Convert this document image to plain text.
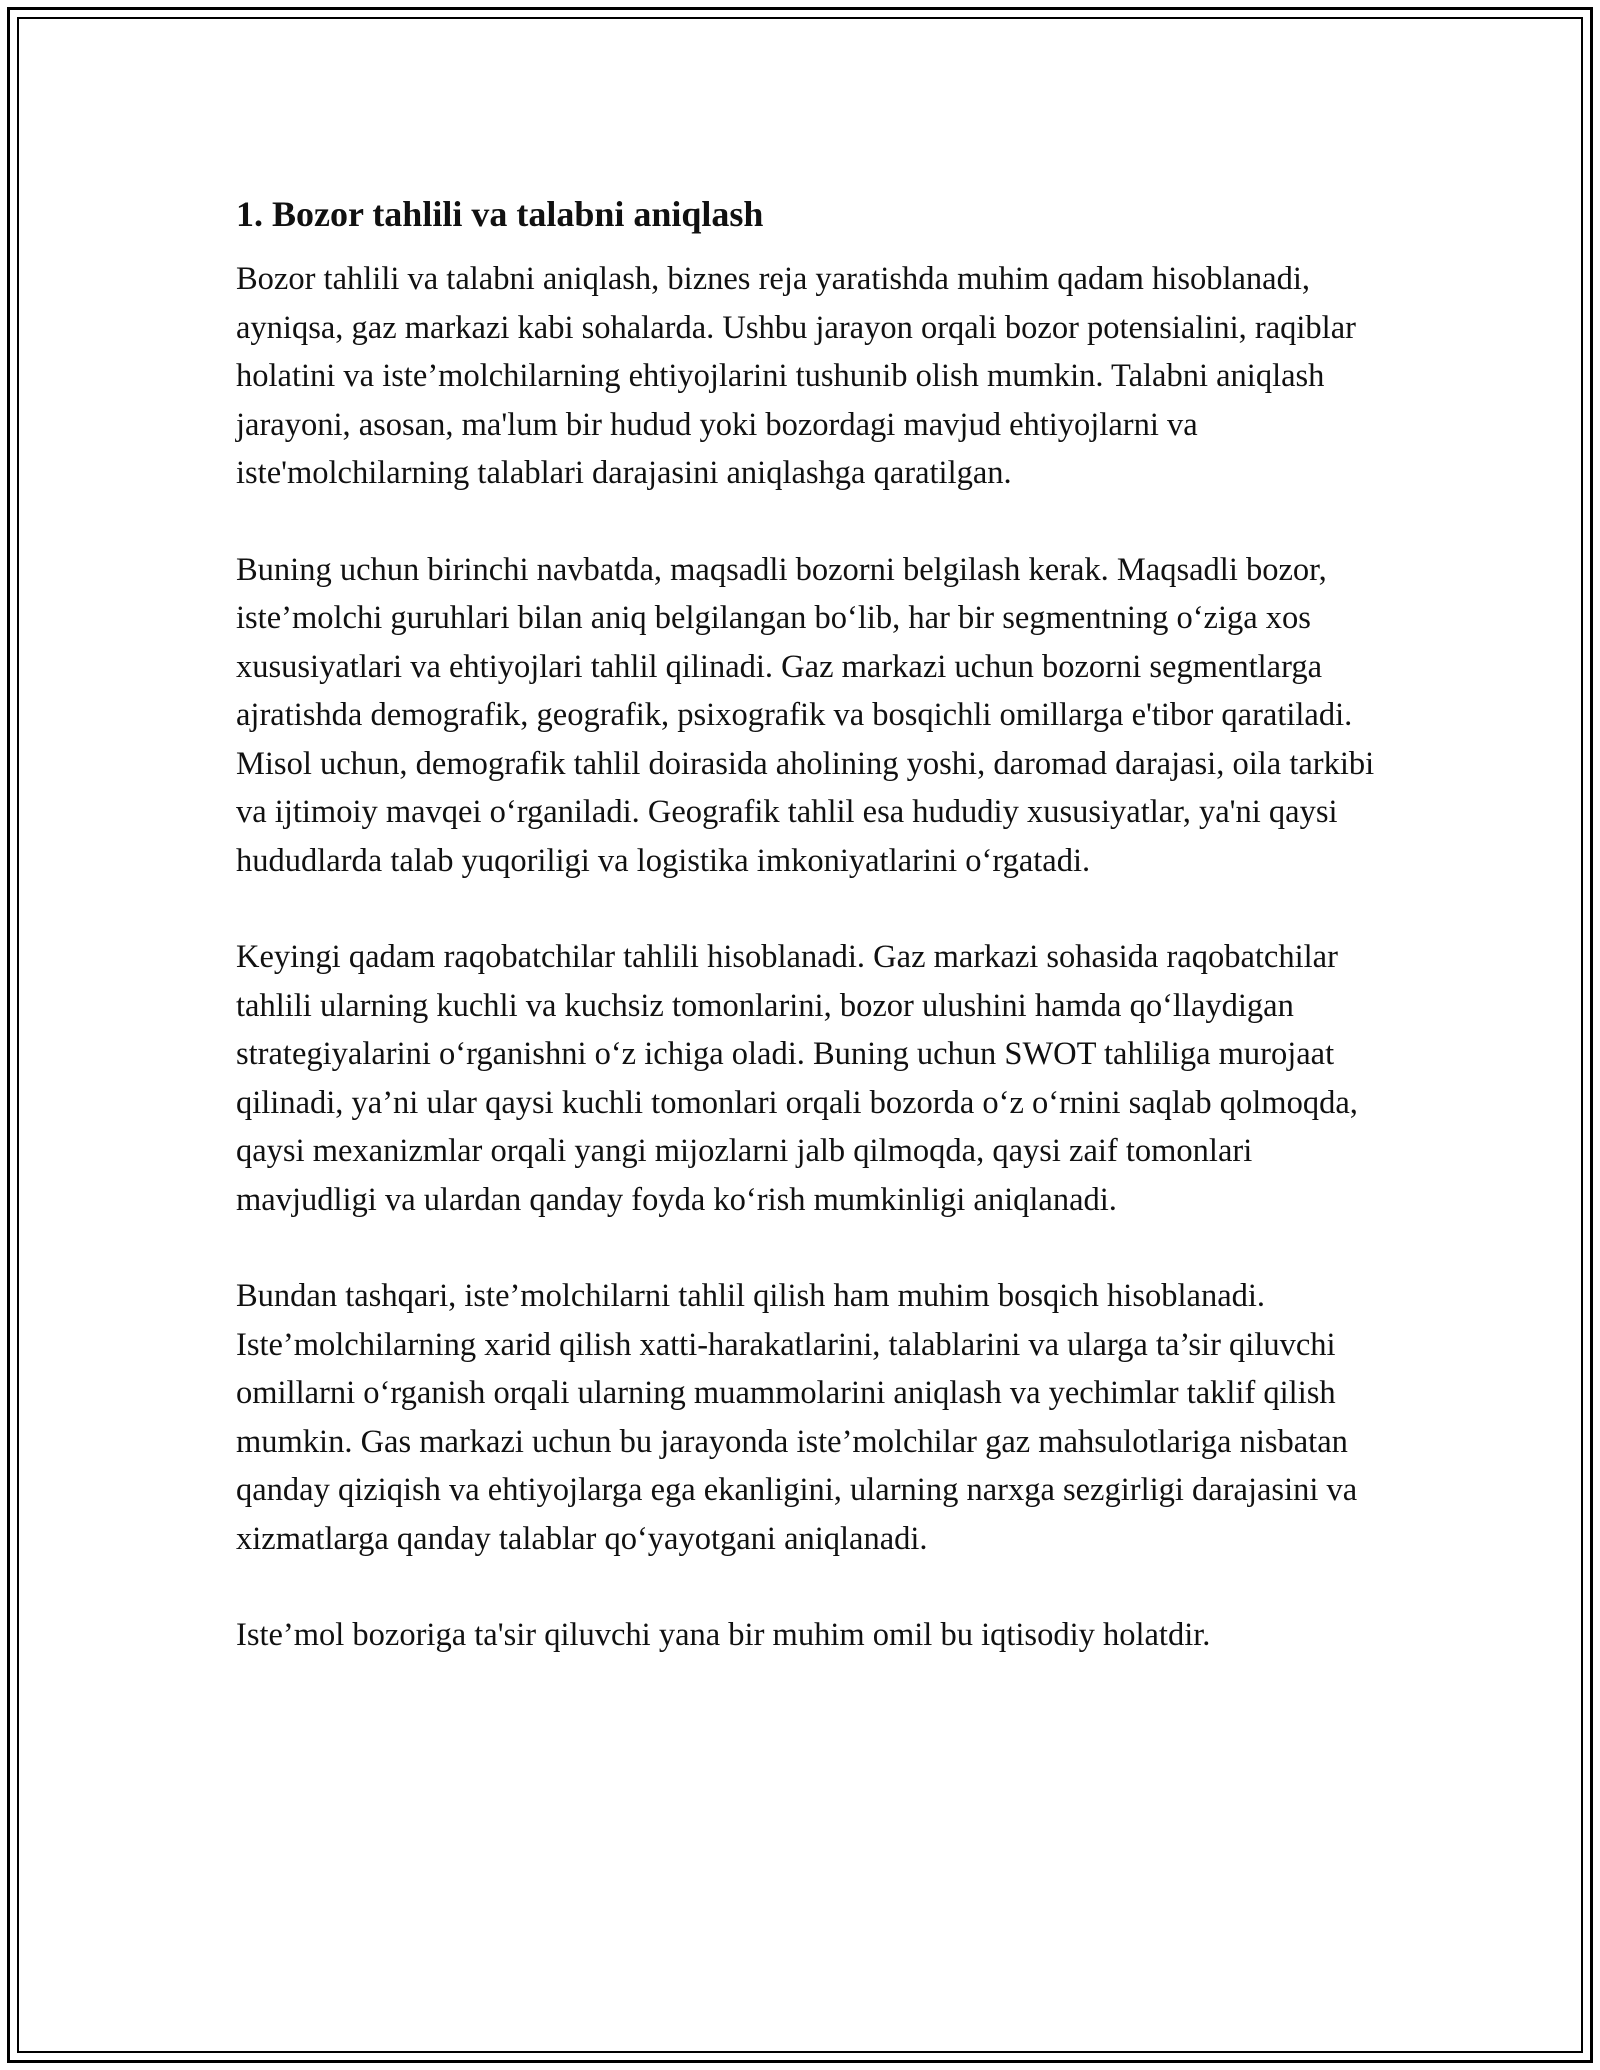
1. Bozor tahlili va talabni aniqlash

Bozor tahlili va talabni aniqlash, biznes reja yaratishda muhim qadam hisoblanadi, ayniqsa, gaz markazi kabi sohalarda. Ushbu jarayon orqali bozor potensialini, raqiblar holatini va iste’molchilarning ehtiyojlarini tushunib olish mumkin. Talabni aniqlash jarayoni, asosan, ma'lum bir hudud yoki bozordagi mavjud ehtiyojlarni va iste'molchilarning talablari darajasini aniqlashga qaratilgan.

Buning uchun birinchi navbatda, maqsadli bozorni belgilash kerak. Maqsadli bozor, iste’molchi guruhlari bilan aniq belgilangan bo‘lib, har bir segmentning o‘ziga xos xususiyatlari va ehtiyojlari tahlil qilinadi. Gaz markazi uchun bozorni segmentlarga ajratishda demografik, geografik, psixografik va bosqichli omillarga e'tibor qaratiladi. Misol uchun, demografik tahlil doirasida aholining yoshi, daromad darajasi, oila tarkibi va ijtimoiy mavqei o‘rganiladi. Geografik tahlil esa hududiy xususiyatlar, ya'ni qaysi hududlarda talab yuqoriligi va logistika imkoniyatlarini o‘rgatadi.

Keyingi qadam raqobatchilar tahlili hisoblanadi. Gaz markazi sohasida raqobatchilar tahlili ularning kuchli va kuchsiz tomonlarini, bozor ulushini hamda qo‘llaydigan strategiyalarini o‘rganishni o‘z ichiga oladi. Buning uchun SWOT tahliliga murojaat qilinadi, ya’ni ular qaysi kuchli tomonlari orqali bozorda o‘z o‘rnini saqlab qolmoqda, qaysi mexanizmlar orqali yangi mijozlarni jalb qilmoqda, qaysi zaif tomonlari mavjudligi va ulardan qanday foyda ko‘rish mumkinligi aniqlanadi.

Bundan tashqari, iste’molchilarni tahlil qilish ham muhim bosqich hisoblanadi. Iste’molchilarning xarid qilish xatti-harakatlarini, talablarini va ularga ta’sir qiluvchi omillarni o‘rganish orqali ularning muammolarini aniqlash va yechimlar taklif qilish mumkin. Gas markazi uchun bu jarayonda iste’molchilar gaz mahsulotlariga nisbatan qanday qiziqish va ehtiyojlarga ega ekanligini, ularning narxga sezgirligi darajasini va xizmatlarga qanday talablar qo‘yayotgani aniqlanadi.

Iste’mol bozoriga ta'sir qiluvchi yana bir muhim omil bu iqtisodiy holatdir.
